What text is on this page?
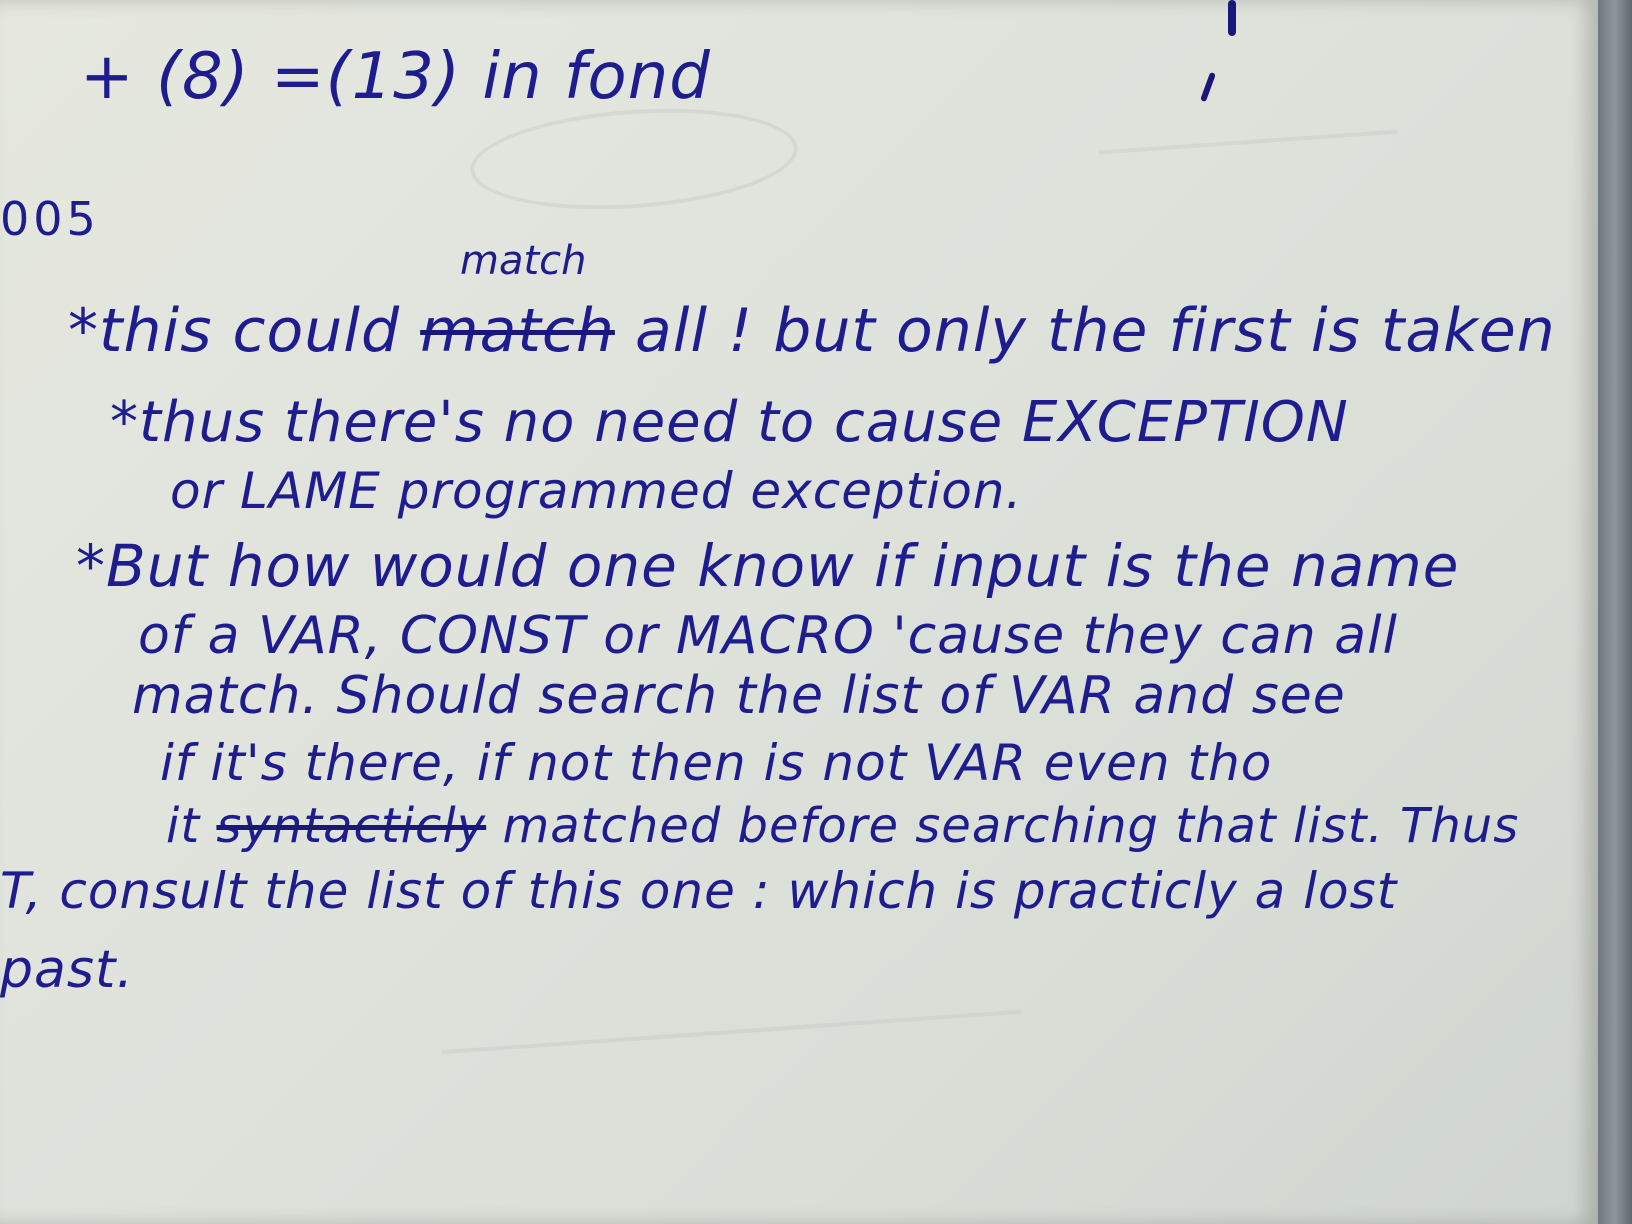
+ (8) =(13) in fond
005
match
*this could match all ! but only the first is taken
*thus there's no need to cause EXCEPTION
or LAME programmed exception.
*But how would one know if input is the name
of a VAR, CONST or MACRO 'cause they can all
match. Should search the list of VAR and see
if it's there, if not then is not VAR even tho
it syntacticly matched before searching that list. Thus
T, consult the list of this one : which is practicly a lost
past.
